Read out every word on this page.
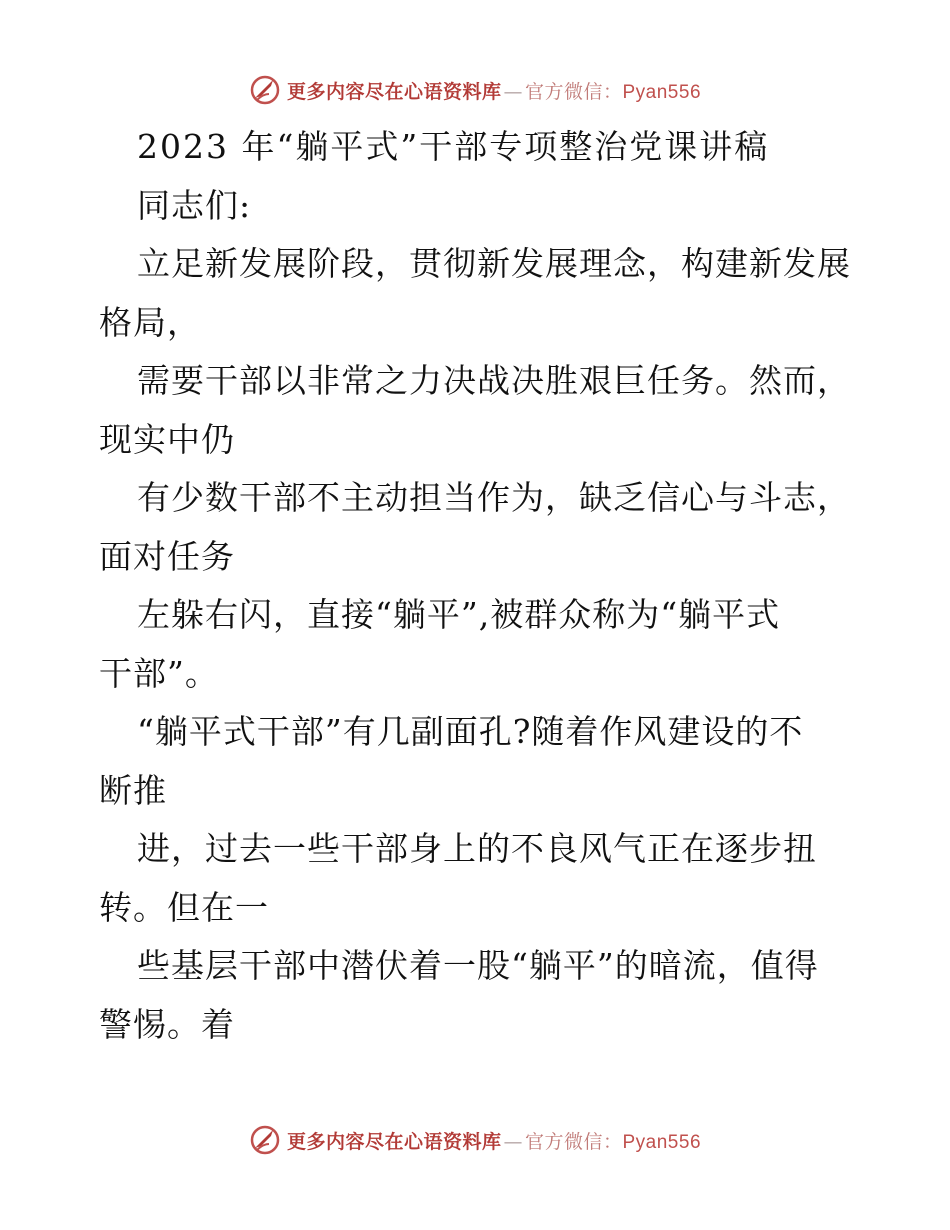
更多内容尽在心语资料库 — 官方微信：Pyan556
2023 年“躺平式”干部专项整治党课讲稿
同志们:
立足新发展阶段，贯彻新发展理念，构建新发展
格局，
需要干部以非常之力决战决胜艰巨任务。然而，
现实中仍
有少数干部不主动担当作为，缺乏信心与斗志，
面对任务
左躲右闪，直接“躺平”,被群众称为“躺平式
干部”。
“躺平式干部”有几副面孔?随着作风建设的不
断推
进，过去一些干部身上的不良风气正在逐步扭
转。但在一
些基层干部中潜伏着一股“躺平”的暗流，值得
警惕。着
更多内容尽在心语资料库 — 官方微信：Pyan556
